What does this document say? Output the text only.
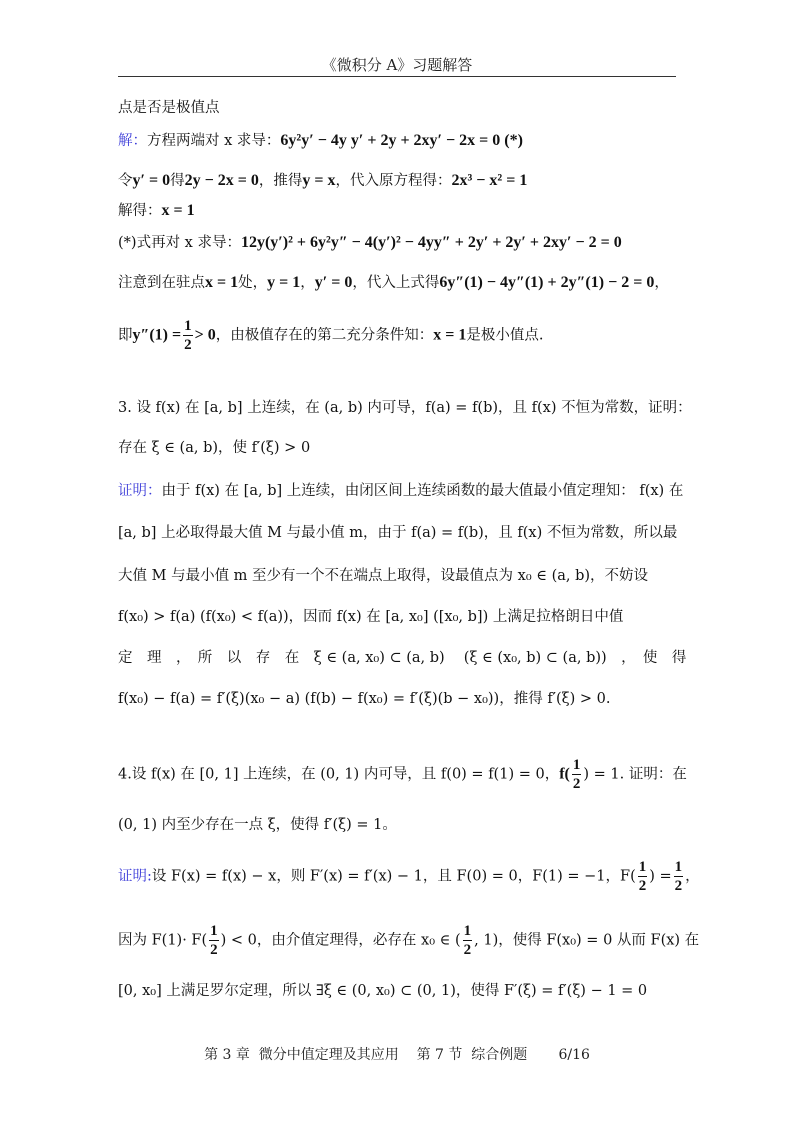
《微积分 A》习题解答
点是否是极值点
解：方程两端对 x 求导：6y²y′ − 4y y′ + 2y + 2xy′ − 2x = 0 (*)
令y′ = 0得2y − 2x = 0，推得y = x，代入原方程得：2x³ − x² = 1
解得：x = 1
(*)式再对 x 求导：12y(y′)² + 6y²y″ − 4(y′)² − 4yy″ + 2y′ + 2y′ + 2xy′ − 2 = 0
注意到在驻点x = 1处，y = 1，y′ = 0，代入上式得6y″(1) − 4y″(1) + 2y″(1) − 2 = 0，
即$y''(1) = \frac{1}{2} > 0$，由极值存在的第二充分条件知：x = 1是极小值点.
3. 设 f(x) 在 [a, b] 上连续，在 (a, b) 内可导，f(a) = f(b)，且 f(x) 不恒为常数，证明：
存在 ξ ∈ (a, b)，使 f′(ξ) > 0
证明：由于 f(x) 在 [a, b] 上连续，由闭区间上连续函数的最大值最小值定理知： f(x) 在
[a, b] 上必取得最大值 M 与最小值 m，由于 f(a) = f(b)，且 f(x) 不恒为常数，所以最
大值 M 与最小值 m 至少有一个不在端点上取得，设最值点为 x₀ ∈ (a, b)，不妨设
f(x₀) > f(a) (f(x₀) < f(a))，因而 f(x) 在 [a, x₀] ([x₀, b]) 上满足拉格朗日中值
定　理　，　所　以　存　在　ξ ∈ (a, x₀) ⊂ (a, b)　 (ξ ∈ (x₀, b) ⊂ (a, b))　，　使　得
f(x₀) − f(a) = f′(ξ)(x₀ − a) (f(b) − f(x₀) = f′(ξ)(b − x₀))，推得 f′(ξ) > 0.
4.设 f(x) 在 [0, 1] 上连续，在 (0, 1) 内可导，且 f(0) = f(1) = 0，$f( \frac{1}{2}$ ) = 1. 证明：在
(0, 1) 内至少存在一点 ξ，使得 f′(ξ) = 1。
证明:设 F(x) = f(x) − x，则 F′(x) = f′(x) − 1，且 F(0) = 0，F(1) = −1，$F( \frac{1}{2}$ ) = $\frac{1}{2}$ ，
因为 $F(1)\cdot F( \frac{1}{2}$ ) < 0，由介值定理得，必存在 x₀ ∈ ( $\frac{1}{2}$ , 1)，使得 F(x₀) = 0 从而 F(x) 在
[0, x₀] 上满足罗尔定理，所以 ∃ξ ∈ (0, x₀) ⊂ (0, 1)，使得 F′(ξ) = f′(ξ) − 1 = 0
第 3 章  微分中值定理及其应用    第 7 节  综合例题       6/16
